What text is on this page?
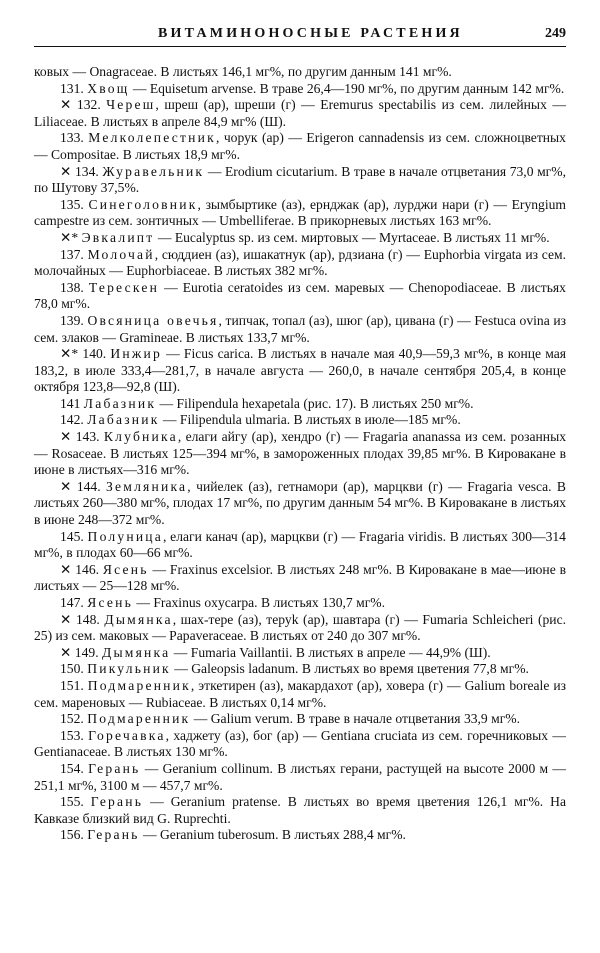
ВИТАМИНОНОСНЫЕ РАСТЕНИЯ	249

ковых — Onagraceae. В листьях 146,1 мг%, по другим данным 141 мг%.

131. Хвощ — Equisetum arvense. В траве 26,4—190 мг%, по другим данным 142 мг%.

✕ 132. Череш, шреш (ар), шреши (г) — Eremurus spectabilis из сем. лилейных — Liliaceae. В листьях в апреле 84,9 мг% (Ш).

133. Мелколепестник, чорук (ар) — Erigeron cannadensis из сем. сложноцветных — Compositae. В листьях 18,9 мг%.

✕ 134. Журавельник — Erodium cicutarium. В траве в начале отцветания 73,0 мг%, по Шутову 37,5%.

135. Синеголовник, зымбыртике (аз), ернджак (ар), лурджи нари (г) — Eryngium campestre из сем. зонтичных — Umbelliferae. В прикорневых листьях 163 мг%.

✕* Эвкалипт — Eucalyptus sp. из сем. миртовых — Myrtaceae. В листьях 11 мг%.

137. Молочай, сюддиен (аз), ишакатнук (ар), рдзиана (г) — Euphorbia virgata из сем. молочайных — Euphorbiaceae. В листьях 382 мг%.

138. Терескен — Eurotia ceratoides из сем. маревых — Chenopodiaceae. В листьях 78,0 мг%.

139. Овсяница овечья, типчак, топал (аз), шюг (ар), цивана (г) — Festuca ovina из сем. злаков — Gramineae. В листьях 133,7 мг%.

✕* 140. Инжир — Ficus carica. В листьях в начале мая 40,9—59,3 мг%, в конце мая 183,2, в июле 333,4—281,7, в начале августа — 260,0, в начале сентября 205,4, в конце октября 123,8—92,8 (Ш).

141 Лабазник — Filipendula hexapetala (рис. 17). В листьях 250 мг%.

142. Лабазник — Filipendula ulmaria. В листьях в июле—185 мг%.

✕ 143. Клубника, елаги айгу (ар), хендро (г) — Fragaria ananassa из сем. розанных — Rosaceae. В листьях 125—394 мг%, в замороженных плодах 39,85 мг%. В Кироваканe в июне в листьях—316 мг%.

✕ 144. Земляника, чийелек (аз), гетнамори (ар), марцкви (г) — Fragaria vesca. В листьях 260—380 мг%, плодах 17 мг%, по другим данным 54 мг%. В Кироваканe в листьях в июне 248—372 мг%.

145. Полуница, елаги канач (ар), марцкви (г) — Fragaria viridis. В листьях 300—314 мг%, в плодах 60—66 мг%.

✕ 146. Ясень — Fraxinus excelsior. В листьях 248 мг%. В Кироваканe в мае—июне в листьях — 25—128 мг%.

147. Ясень — Fraxinus oxycarpa. В листьях 130,7 мг%.

✕ 148. Дымянка, шах-тере (аз), теруk (ар), шавтара (г) — Fumaria Schleicheri (рис. 25) из сем. маковых — Papaveraceae. В листьях от 240 до 307 мг%.

✕ 149. Дымянка — Fumaria Vaillantii. В листьях в апреле — 44,9% (Ш).

150. Пикульник — Galeopsis ladanum. В листьях во время цветения 77,8 мг%.

151. Подмаренник, эткетирен (аз), макардахот (ар), ховера (г) — Galium boreale из сем. мареновых — Rubiaceae. В листьях 0,14 мг%.

152. Подмаренник — Galium verum. В траве в начале отцветания 33,9 мг%.

153. Горечавка, хаджету (аз), бог (ар) — Gentiana cruciata из сем. горечниковых — Gentianaceae. В листьях 130 мг%.

154. Герань — Geranium collinum. В листьях герани, растущей на высоте 2000 м — 251,1 мг%, 3100 м — 457,7 мг%.

155. Герань — Geranium pratense. В листьях во время цветения 126,1 мг%. На Кавказе близкий вид G. Ruprechti.

156. Герань — Geranium tuberosum. В листьях 288,4 мг%.
